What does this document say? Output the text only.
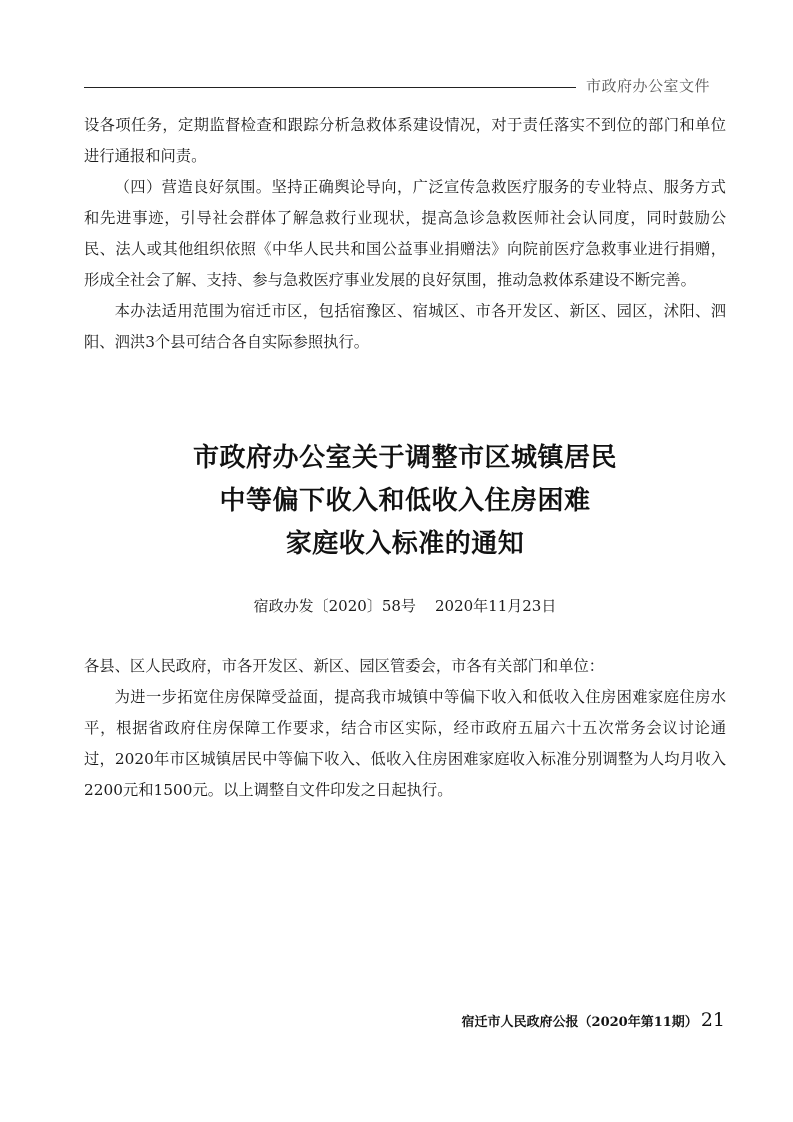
市政府办公室文件

设各项任务，定期监督检查和跟踪分析急救体系建设情况，对于责任落实不到位的部门和单位进行通报和问责。

（四）营造良好氛围。坚持正确舆论导向，广泛宣传急救医疗服务的专业特点、服务方式和先进事迹，引导社会群体了解急救行业现状，提高急诊急救医师社会认同度，同时鼓励公民、法人或其他组织依照《中华人民共和国公益事业捐赠法》向院前医疗急救事业进行捐赠，形成全社会了解、支持、参与急救医疗事业发展的良好氛围，推动急救体系建设不断完善。

本办法适用范围为宿迁市区，包括宿豫区、宿城区、市各开发区、新区、园区，沭阳、泗阳、泗洪3个县可结合各自实际参照执行。

市政府办公室关于调整市区城镇居民
中等偏下收入和低收入住房困难
家庭收入标准的通知
宿政办发〔2020〕58号 2020年11月23日

各县、区人民政府，市各开发区、新区、园区管委会，市各有关部门和单位：

为进一步拓宽住房保障受益面，提高我市城镇中等偏下收入和低收入住房困难家庭住房水平，根据省政府住房保障工作要求，结合市区实际，经市政府五届六十五次常务会议讨论通过，2020年市区城镇居民中等偏下收入、低收入住房困难家庭收入标准分别调整为人均月收入2200元和1500元。以上调整自文件印发之日起执行。

宿迁市人民政府公报（2020年第11期） 21
